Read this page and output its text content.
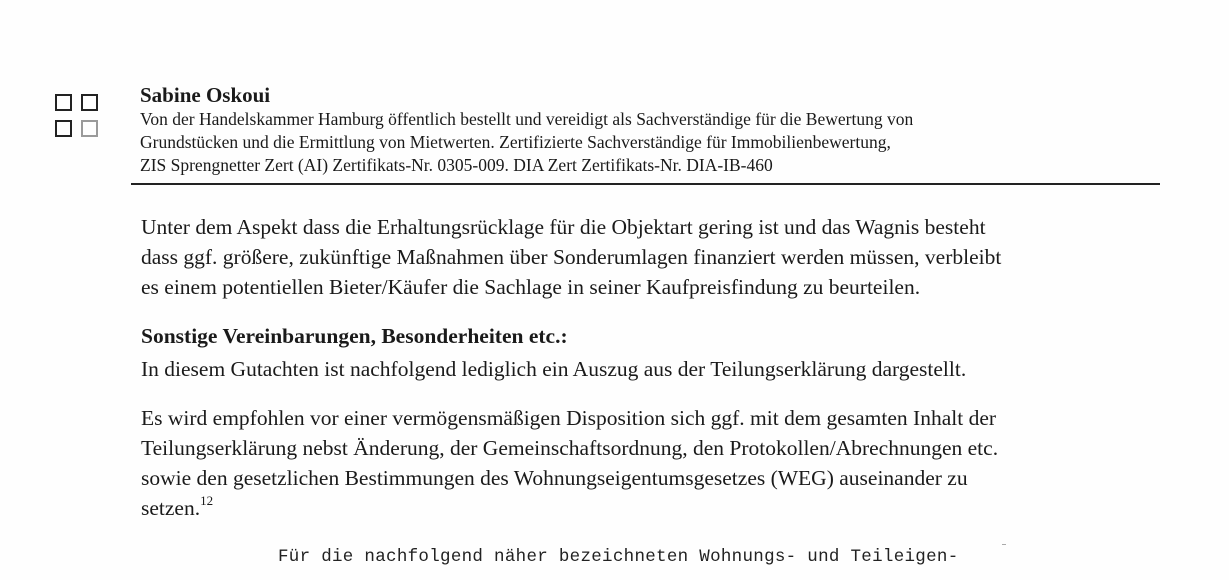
Sabine Oskoui
Von der Handelskammer Hamburg öffentlich bestellt und vereidigt als Sachverständige für die Bewertung von
Grundstücken und die Ermittlung von Mietwerten. Zertifizierte Sachverständige für Immobilienbewertung,
ZIS Sprengnetter Zert (AI) Zertifikats-Nr. 0305-009. DIA Zert Zertifikats-Nr. DIA-IB-460
Unter dem Aspekt dass die Erhaltungsrücklage für die Objektart gering ist und das Wagnis besteht
dass ggf. größere, zukünftige Maßnahmen über Sonderumlagen finanziert werden müssen, verbleibt
es einem potentiellen Bieter/Käufer die Sachlage in seiner Kaufpreisfindung zu beurteilen.
Sonstige Vereinbarungen, Besonderheiten etc.:
In diesem Gutachten ist nachfolgend lediglich ein Auszug aus der Teilungserklärung dargestellt.
Es wird empfohlen vor einer vermögensmäßigen Disposition sich ggf. mit dem gesamten Inhalt der
Teilungserklärung nebst Änderung, der Gemeinschaftsordnung, den Protokollen/Abrechnungen etc.
sowie den gesetzlichen Bestimmungen des Wohnungseigentumsgesetzes (WEG) auseinander zu
setzen.$^{12}$
Für die nachfolgend näher bezeichneten Wohnungs- und Teileigen-
